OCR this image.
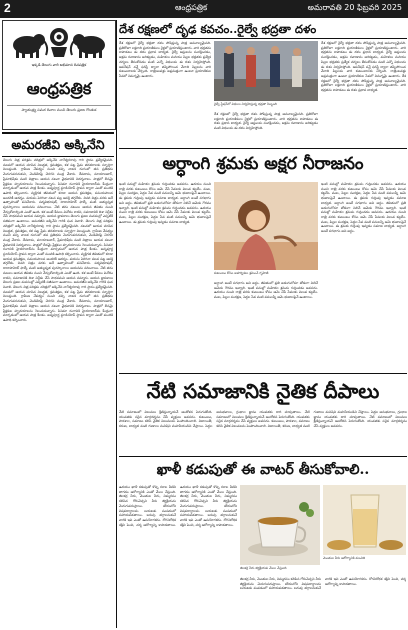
2	ఆంధ్రపత్రిక	అమరావతి 20 ఫిబ్రవరి 2025
ఇక్కడి తెలుగు వారి అభిమాన దినపత్రిక
ఆంధ్రపత్రిక
స్వాతంత్ర్య సమర దినాల నుంచి తెలుగు ప్రజల గొంతుక
అమరజీవి అక్కినేని
తెలుగు చిత్ర పరిశ్రమ చరిత్రలో అక్కినేని నాగేశ్వరరావు గారి స్థానం ప్రత్యేకమైనది. నటనలో ఆయన చూపిన నిబద్ధత, క్రమశిక్షణ, కళ పట్ల ప్రేమ తరతరాలకు స్ఫూర్తిగా నిలుస్తుంది. గ్రామీణ నేపథ్యం నుంచి వచ్చి నాటక రంగంలో తన ప్రతిభను మెరుగుపరచుకుని, వెండితెరపై చెరగని ముద్ర వేశారు. దేవదాసు, మాయాబజార్, ప్రేమాభిషేకం వంటి చిత్రాలు ఆయన నటనా వైభవానికి నిదర్శనాలు. పాత్రలో లీనమై ప్రేక్షకుల హృదయాలను గెలుచుకున్నారు. సినిమా రంగానికి హైదరాబాద్‌ను కేంద్రంగా మార్చడంలో ఆయన పాత్ర కీలకం. అన్నపూర్ణ స్టూడియోస్ స్థాపన ద్వారా ఎంతో మందికి ఉపాధి కల్పించారు. వ్యక్తిగత జీవితంలో కూడా ఆయన క్రమశిక్షణ, సమయపాలన అందరికీ ఆదర్శం. వయసు పెరిగినా నటన పట్ల ఆసక్తి తగ్గలేదు. చివరి చిత్రం వరకు అదే ఉత్సాహంతో పనిచేశారు. పద్మవిభూషణ్, దాదాసాహెబ్ ఫాల్కే వంటి అత్యున్నత పురస్కారాలు ఆయనను వరించాయి. నేటి తరం నటులు ఆయన జీవితం నుంచి నేర్చుకోవాల్సింది ఎంతో ఉంది. కళ అంటే కేవలం వినోదం కాదని, సమాజానికి దిశా నిర్దేశం చేసే సాధనమని ఆయన నమ్మారు. ఆయన జ్ఞాపకాలు తెలుగు ప్రజల మనసుల్లో ఎప్పటికీ సజీవంగా ఉంటాయి. అమరజీవి అక్కినేని గారికి ఘన నివాళి. తెలుగు చిత్ర పరిశ్రమ చరిత్రలో అక్కినేని నాగేశ్వరరావు గారి స్థానం ప్రత్యేకమైనది. నటనలో ఆయన చూపిన నిబద్ధత, క్రమశిక్షణ, కళ పట్ల ప్రేమ తరతరాలకు స్ఫూర్తిగా నిలుస్తుంది. గ్రామీణ నేపథ్యం నుంచి వచ్చి నాటక రంగంలో తన ప్రతిభను మెరుగుపరచుకుని, వెండితెరపై చెరగని ముద్ర వేశారు. దేవదాసు, మాయాబజార్, ప్రేమాభిషేకం వంటి చిత్రాలు ఆయన నటనా వైభవానికి నిదర్శనాలు. పాత్రలో లీనమై ప్రేక్షకుల హృదయాలను గెలుచుకున్నారు. సినిమా రంగానికి హైదరాబాద్‌ను కేంద్రంగా మార్చడంలో ఆయన పాత్ర కీలకం. అన్నపూర్ణ స్టూడియోస్ స్థాపన ద్వారా ఎంతో మందికి ఉపాధి కల్పించారు. వ్యక్తిగత జీవితంలో కూడా ఆయన క్రమశిక్షణ, సమయపాలన అందరికీ ఆదర్శం. వయసు పెరిగినా నటన పట్ల ఆసక్తి తగ్గలేదు. చివరి చిత్రం వరకు అదే ఉత్సాహంతో పనిచేశారు. పద్మవిభూషణ్, దాదాసాహెబ్ ఫాల్కే వంటి అత్యున్నత పురస్కారాలు ఆయనను వరించాయి. నేటి తరం నటులు ఆయన జీవితం నుంచి నేర్చుకోవాల్సింది ఎంతో ఉంది. కళ అంటే కేవలం వినోదం కాదని, సమాజానికి దిశా నిర్దేశం చేసే సాధనమని ఆయన నమ్మారు. ఆయన జ్ఞాపకాలు తెలుగు ప్రజల మనసుల్లో ఎప్పటికీ సజీవంగా ఉంటాయి. అమరజీవి అక్కినేని గారికి ఘన నివాళి. తెలుగు చిత్ర పరిశ్రమ చరిత్రలో అక్కినేని నాగేశ్వరరావు గారి స్థానం ప్రత్యేకమైనది. నటనలో ఆయన చూపిన నిబద్ధత, క్రమశిక్షణ, కళ పట్ల ప్రేమ తరతరాలకు స్ఫూర్తిగా నిలుస్తుంది. గ్రామీణ నేపథ్యం నుంచి వచ్చి నాటక రంగంలో తన ప్రతిభను మెరుగుపరచుకుని, వెండితెరపై చెరగని ముద్ర వేశారు. దేవదాసు, మాయాబజార్, ప్రేమాభిషేకం వంటి చిత్రాలు ఆయన నటనా వైభవానికి నిదర్శనాలు. పాత్రలో లీనమై ప్రేక్షకుల హృదయాలను గెలుచుకున్నారు. సినిమా రంగానికి హైదరాబాద్‌ను కేంద్రంగా మార్చడంలో ఆయన పాత్ర కీలకం. అన్నపూర్ణ స్టూడియోస్ స్థాపన ద్వారా ఎంతో మందికి ఉపాధి కల్పించారు.
దేశ రక్షణలో దృఢ కవచం..రైల్వే భద్రతా దళం
దేశ రక్షణలో రైల్వే భద్రతా దళం పోషిస్తున్న పాత్ర అమూల్యమైనది. ప్రతిరోజూ లక్షలాది ప్రయాణికులు రైళ్లలో ప్రయాణిస్తుంటారు. వారి భద్రతను కాపాడటం ఈ దళం ప్రధాన బాధ్యత. రైల్వే ఆస్తులను సంరక్షించడం, అక్రమ రవాణాను అరికట్టడం, మహిళలు మరియు పిల్లల భద్రతకు ప్రత్యేక చర్యలు తీసుకోవడం వంటి ఎన్నో విధులను ఈ దళం నిర్వహిస్తోంది. ఆపరేషన్ నన్హే ఫరిస్తే ద్వారా తప్పిపోయిన వేలాది పిల్లలను వారి కుటుంబాలకు చేర్చింది. రాత్రింబవళ్లు అప్రమత్తంగా ఉంటూ ప్రయాణికుల సేవలో నిమగ్నమై ఉంటారు.
రైల్వే స్టేషన్‌లో విధులు నిర్వహిస్తున్న భద్రతా సిబ్బంది
దేశ రక్షణలో రైల్వే భద్రతా దళం పోషిస్తున్న పాత్ర అమూల్యమైనది. ప్రతిరోజూ లక్షలాది ప్రయాణికులు రైళ్లలో ప్రయాణిస్తుంటారు. వారి భద్రతను కాపాడటం ఈ దళం ప్రధాన బాధ్యత. రైల్వే ఆస్తులను సంరక్షించడం, అక్రమ రవాణాను అరికట్టడం వంటి విధులను ఈ దళం నిర్వహిస్తోంది.
దేశ రక్షణలో రైల్వే భద్రతా దళం పోషిస్తున్న పాత్ర అమూల్యమైనది. ప్రతిరోజూ లక్షలాది ప్రయాణికులు రైళ్లలో ప్రయాణిస్తుంటారు. వారి భద్రతను కాపాడటం ఈ దళం ప్రధాన బాధ్యత. రైల్వే ఆస్తులను సంరక్షించడం, అక్రమ రవాణాను అరికట్టడం, మహిళలు మరియు పిల్లల భద్రతకు ప్రత్యేక చర్యలు తీసుకోవడం వంటి ఎన్నో విధులను ఈ దళం నిర్వహిస్తోంది. ఆపరేషన్ నన్హే ఫరిస్తే ద్వారా తప్పిపోయిన వేలాది పిల్లలను వారి కుటుంబాలకు చేర్చింది. రాత్రింబవళ్లు అప్రమత్తంగా ఉంటూ ప్రయాణికుల సేవలో నిమగ్నమై ఉంటారు. దేశ రక్షణలో రైల్వే భద్రతా దళం పోషిస్తున్న పాత్ర అమూల్యమైనది. ప్రతిరోజూ లక్షలాది ప్రయాణికులు రైళ్లలో ప్రయాణిస్తుంటారు. వారి భద్రతను కాపాడటం ఈ దళం ప్రధాన బాధ్యత.
అర్ధాంగి శ్రమకు అక్షర నీరాజనం
ఇంటి పనుల్లో మహిళల శ్రమను గుర్తించడం అవసరం. ఉదయం నుంచి రాత్రి వరకు కుటుంబం కోసం ఆమె చేసే సేవలకు విలువ కట్టలేం. వంట, పిల్లల సంరక్షణ, పెద్దల సేవ వంటి పనులన్నీ ఆమె భుజాలపైనే ఉంటాయి. ఈ శ్రమకు గుర్తింపు ఇవ్వడం సమాజ బాధ్యత. అర్ధాంగి అంటే సగభాగం అని అర్థం. జీవితంలో ప్రతి అడుగులోనూ తోడుగా నిలిచే ఆమెకు గౌరవం ఇవ్వాలి. ఇంటి పనుల్లో మహిళల శ్రమను గుర్తించడం అవసరం. ఉదయం నుంచి రాత్రి వరకు కుటుంబం కోసం ఆమె చేసే సేవలకు విలువ కట్టలేం. వంట, పిల్లల సంరక్షణ, పెద్దల సేవ వంటి పనులన్నీ ఆమె భుజాలపైనే ఉంటాయి. ఈ శ్రమకు గుర్తింపు ఇవ్వడం సమాజ బాధ్యత.
కుటుంబం కోసం అహర్నిశలు శ్రమించే గృహిణి
అర్ధాంగి అంటే సగభాగం అని అర్థం. జీవితంలో ప్రతి అడుగులోనూ తోడుగా నిలిచే ఆమెకు గౌరవం ఇవ్వాలి. ఇంటి పనుల్లో మహిళల శ్రమను గుర్తించడం అవసరం. ఉదయం నుంచి రాత్రి వరకు కుటుంబం కోసం ఆమె చేసే సేవలకు విలువ కట్టలేం. వంట, పిల్లల సంరక్షణ, పెద్దల సేవ వంటి పనులన్నీ ఆమె భుజాలపైనే ఉంటాయి.
ఇంటి పనుల్లో మహిళల శ్రమను గుర్తించడం అవసరం. ఉదయం నుంచి రాత్రి వరకు కుటుంబం కోసం ఆమె చేసే సేవలకు విలువ కట్టలేం. వంట, పిల్లల సంరక్షణ, పెద్దల సేవ వంటి పనులన్నీ ఆమె భుజాలపైనే ఉంటాయి. ఈ శ్రమకు గుర్తింపు ఇవ్వడం సమాజ బాధ్యత. అర్ధాంగి అంటే సగభాగం అని అర్థం. జీవితంలో ప్రతి అడుగులోనూ తోడుగా నిలిచే ఆమెకు గౌరవం ఇవ్వాలి. ఇంటి పనుల్లో మహిళల శ్రమను గుర్తించడం అవసరం. ఉదయం నుంచి రాత్రి వరకు కుటుంబం కోసం ఆమె చేసే సేవలకు విలువ కట్టలేం. వంట, పిల్లల సంరక్షణ, పెద్దల సేవ వంటి పనులన్నీ ఆమె భుజాలపైనే ఉంటాయి. ఈ శ్రమకు గుర్తింపు ఇవ్వడం సమాజ బాధ్యత. అర్ధాంగి అంటే సగభాగం అని అర్థం.
నేటి సమాజానికి నైతిక దీపాలు
నేటి సమాజంలో విలువలు క్షీణిస్తున్నాయనే ఆందోళన పెరుగుతోంది. యువతకు సరైన మార్గదర్శనం చేసే వ్యక్తులు అవసరం. కుటుంబం, పాఠశాల, సమాజం కలిసి నైతిక విలువలను పెంపొందించాలి. నిజాయితీ, కరుణ, బాధ్యత వంటి గుణాలు మనిషిని మహనీయుడిని చేస్తాయి. పెద్దల అనుభవాలు, గ్రంథాల జ్ఞానం యువతకు దారి చూపుతాయి. నేటి సమాజంలో విలువలు క్షీణిస్తున్నాయనే ఆందోళన పెరుగుతోంది. యువతకు సరైన మార్గదర్శనం చేసే వ్యక్తులు అవసరం. కుటుంబం, పాఠశాల, సమాజం కలిసి నైతిక విలువలను పెంపొందించాలి. నిజాయితీ, కరుణ, బాధ్యత వంటి గుణాలు మనిషిని మహనీయుడిని చేస్తాయి. పెద్దల అనుభవాలు, గ్రంథాల జ్ఞానం యువతకు దారి చూపుతాయి. నేటి సమాజంలో విలువలు క్షీణిస్తున్నాయనే ఆందోళన పెరుగుతోంది. యువతకు సరైన మార్గదర్శనం చేసే వ్యక్తులు అవసరం.
ఖాళీ కడుపుతో ఈ వాటర్ తీసుకోవాలి..
ఉదయం ఖాళీ కడుపుతో కొన్ని రకాల నీటిని తాగడం ఆరోగ్యానికి ఎంతో మేలు చేస్తుంది. జీలకర్ర నీరు, మెంతుల నీరు, నిమ్మరసం కలిపిన గోరువెచ్చని నీరు జీర్ణక్రియను మెరుగుపరుస్తాయి. శరీరంలోని విషపదార్థాలను బయటకు పంపడంలో సహాయపడతాయి. బరువు తగ్గాలనుకునే వారికి ఇవి ఎంతో ఉపయోగకరం. రోగనిరోధక శక్తిని పెంచి, చర్మ ఆరోగ్యాన్ని కాపాడతాయి. ఉదయం ఖాళీ కడుపుతో కొన్ని రకాల నీటిని తాగడం ఆరోగ్యానికి ఎంతో మేలు చేస్తుంది. జీలకర్ర నీరు, మెంతుల నీరు, నిమ్మరసం కలిపిన గోరువెచ్చని నీరు జీర్ణక్రియను మెరుగుపరుస్తాయి. శరీరంలోని విషపదార్థాలను బయటకు పంపడంలో సహాయపడతాయి. బరువు తగ్గాలనుకునే వారికి ఇవి ఎంతో ఉపయోగకరం. రోగనిరోధక శక్తిని పెంచి, చర్మ ఆరోగ్యాన్ని కాపాడతాయి.
జీలకర్ర నీరు జీర్ణక్రియకు మేలు చేస్తుంది
మెంతుల నీరు ఆరోగ్యానికి మంచిది
జీలకర్ర నీరు, మెంతుల నీరు, నిమ్మరసం కలిపిన గోరువెచ్చని నీరు జీర్ణక్రియను మెరుగుపరుస్తాయి. శరీరంలోని విషపదార్థాలను బయటకు పంపడంలో సహాయపడతాయి. బరువు తగ్గాలనుకునే వారికి ఇవి ఎంతో ఉపయోగకరం. రోగనిరోధక శక్తిని పెంచి, చర్మ ఆరోగ్యాన్ని కాపాడతాయి.
